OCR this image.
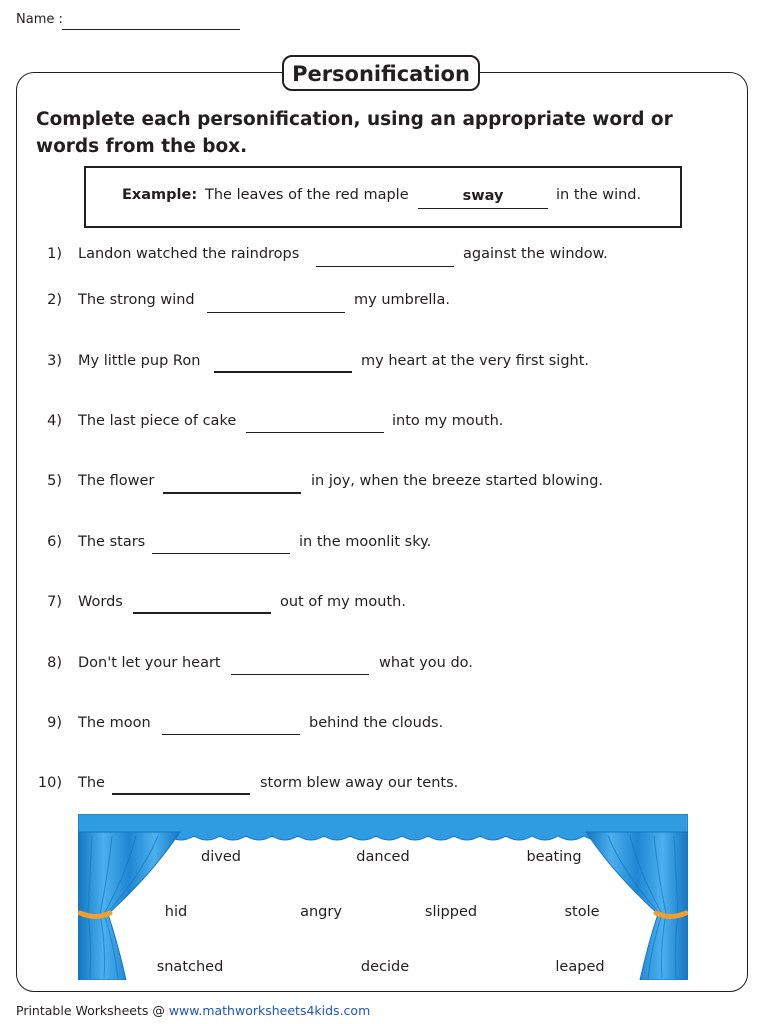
Name :
Personification
Complete each personification, using an appropriate word or words from the box.
Example: The leaves of the red maple	sway	in the wind.
1) Landon watched the raindrops	against the window.
2) The strong wind	my umbrella.
3) My little pup Ron	my heart at the very first sight.
4) The last piece of cake	into my mouth.
5) The flower	in joy, when the breeze started blowing.
6) The stars	in the moonlit sky.
7) Words	out of my mouth.
8) Don't let your heart	what you do.
9) The moon	behind the clouds.
10) The	storm blew away our tents.
dived	danced	beating
hid	angry	slipped	stole
snatched	decide	leaped
Printable Worksheets @ www.mathworksheets4kids.com
